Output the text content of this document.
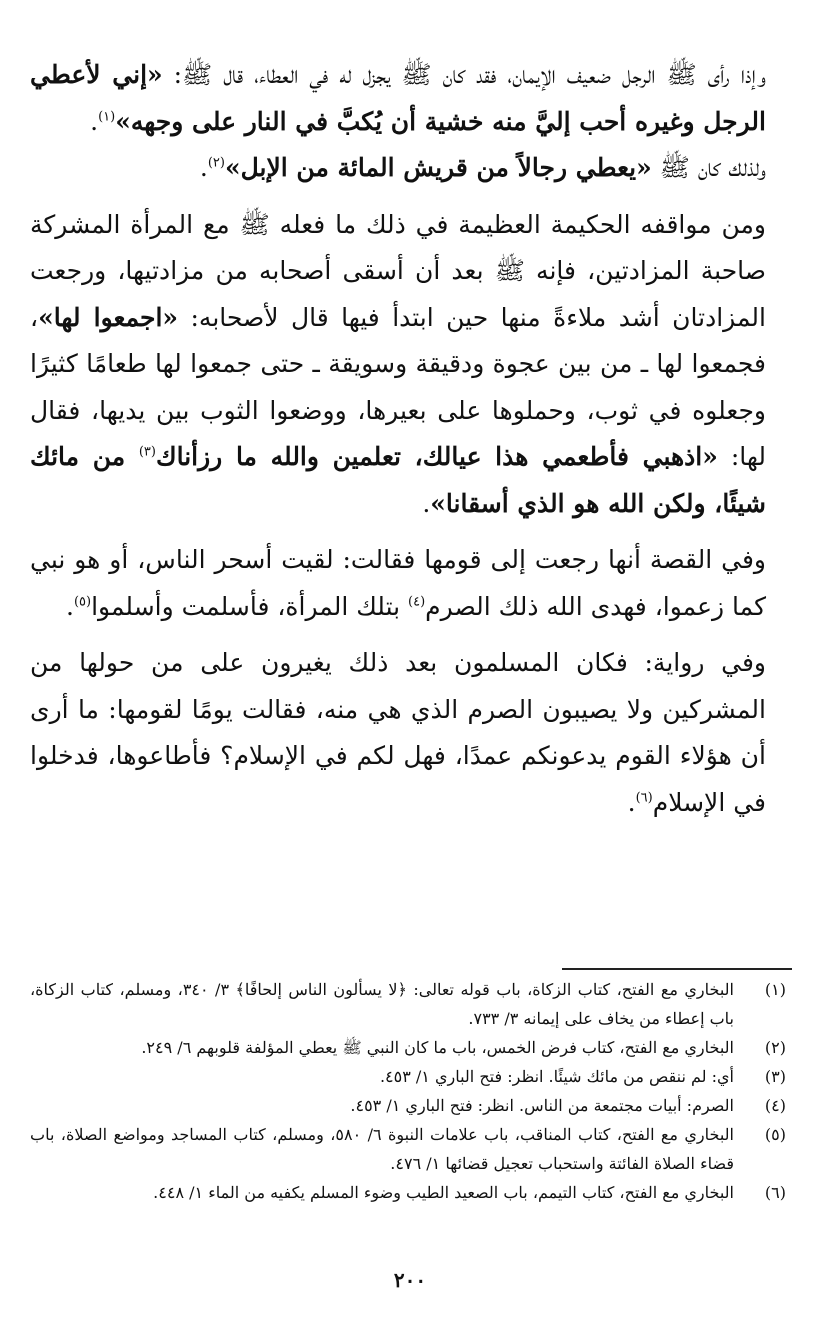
وإذا رأى ﷺ الرجل ضعيف الإيمان، فقد كان ﷺ يجزل له في العطاء، قال ﷺ: «إني لأعطي الرجل وغيره أحب إليَّ منه خشية أن يُكبَّ في النار على وجهه»$^{(١)}$.

ولذلك كان ﷺ «يعطي رجالاً من قريش المائة من الإبل»$^{(٢)}$.

ومن مواقفه الحكيمة العظيمة في ذلك ما فعله ﷺ مع المرأة المشركة صاحبة المزادتين، فإنه ﷺ بعد أن أسقى أصحابه من مزادتيها، ورجعت المزادتان أشد ملاءةً منها حين ابتدأ فيها قال لأصحابه: «اجمعوا لها»، فجمعوا لها ـ من بين عجوة ودقيقة وسويقة ـ حتى جمعوا لها طعامًا كثيرًا وجعلوه في ثوب، وحملوها على بعيرها، ووضعوا الثوب بين يديها، فقال لها: «اذهبي فأطعمي هذا عيالك، تعلمين والله ما رزأناك$^{(٣)}$ من مائك شيئًا، ولكن الله هو الذي أسقانا».

وفي القصة أنها رجعت إلى قومها فقالت: لقيت أسحر الناس، أو هو نبي كما زعموا، فهدى الله ذلك الصرم$^{(٤)}$ بتلك المرأة، فأسلمت وأسلموا$^{(٥)}$.

وفي رواية: فكان المسلمون بعد ذلك يغيرون على من حولها من المشركين ولا يصيبون الصرم الذي هي منه، فقالت يومًا لقومها: ما أرى أن هؤلاء القوم يدعونكم عمدًا، فهل لكم في الإسلام؟ فأطاعوها، فدخلوا في الإسلام$^{(٦)}$.

(١)
البخاري مع الفتح، كتاب الزكاة، باب قوله تعالى: ﴿لا يسألون الناس إلحافًا﴾ ٣/ ٣٤٠، ومسلم، كتاب الزكاة، باب إعطاء من يخاف على إيمانه ٣/ ٧٣٣.
(٢)
البخاري مع الفتح، كتاب فرض الخمس، باب ما كان النبي ﷺ يعطي المؤلفة قلوبهم ٦/ ٢٤٩.
(٣)
أي: لم ننقص من مائك شيئًا. انظر: فتح الباري ١/ ٤٥٣.
(٤)
الصرم: أبيات مجتمعة من الناس. انظر: فتح الباري ١/ ٤٥٣.
(٥)
البخاري مع الفتح، كتاب المناقب، باب علامات النبوة ٦/ ٥٨٠، ومسلم، كتاب المساجد ومواضع الصلاة، باب قضاء الصلاة الفائتة واستحباب تعجيل قضائها ١/ ٤٧٦.
(٦)
البخاري مع الفتح، كتاب التيمم، باب الصعيد الطيب وضوء المسلم يكفيه من الماء ١/ ٤٤٨.
٢٠٠
